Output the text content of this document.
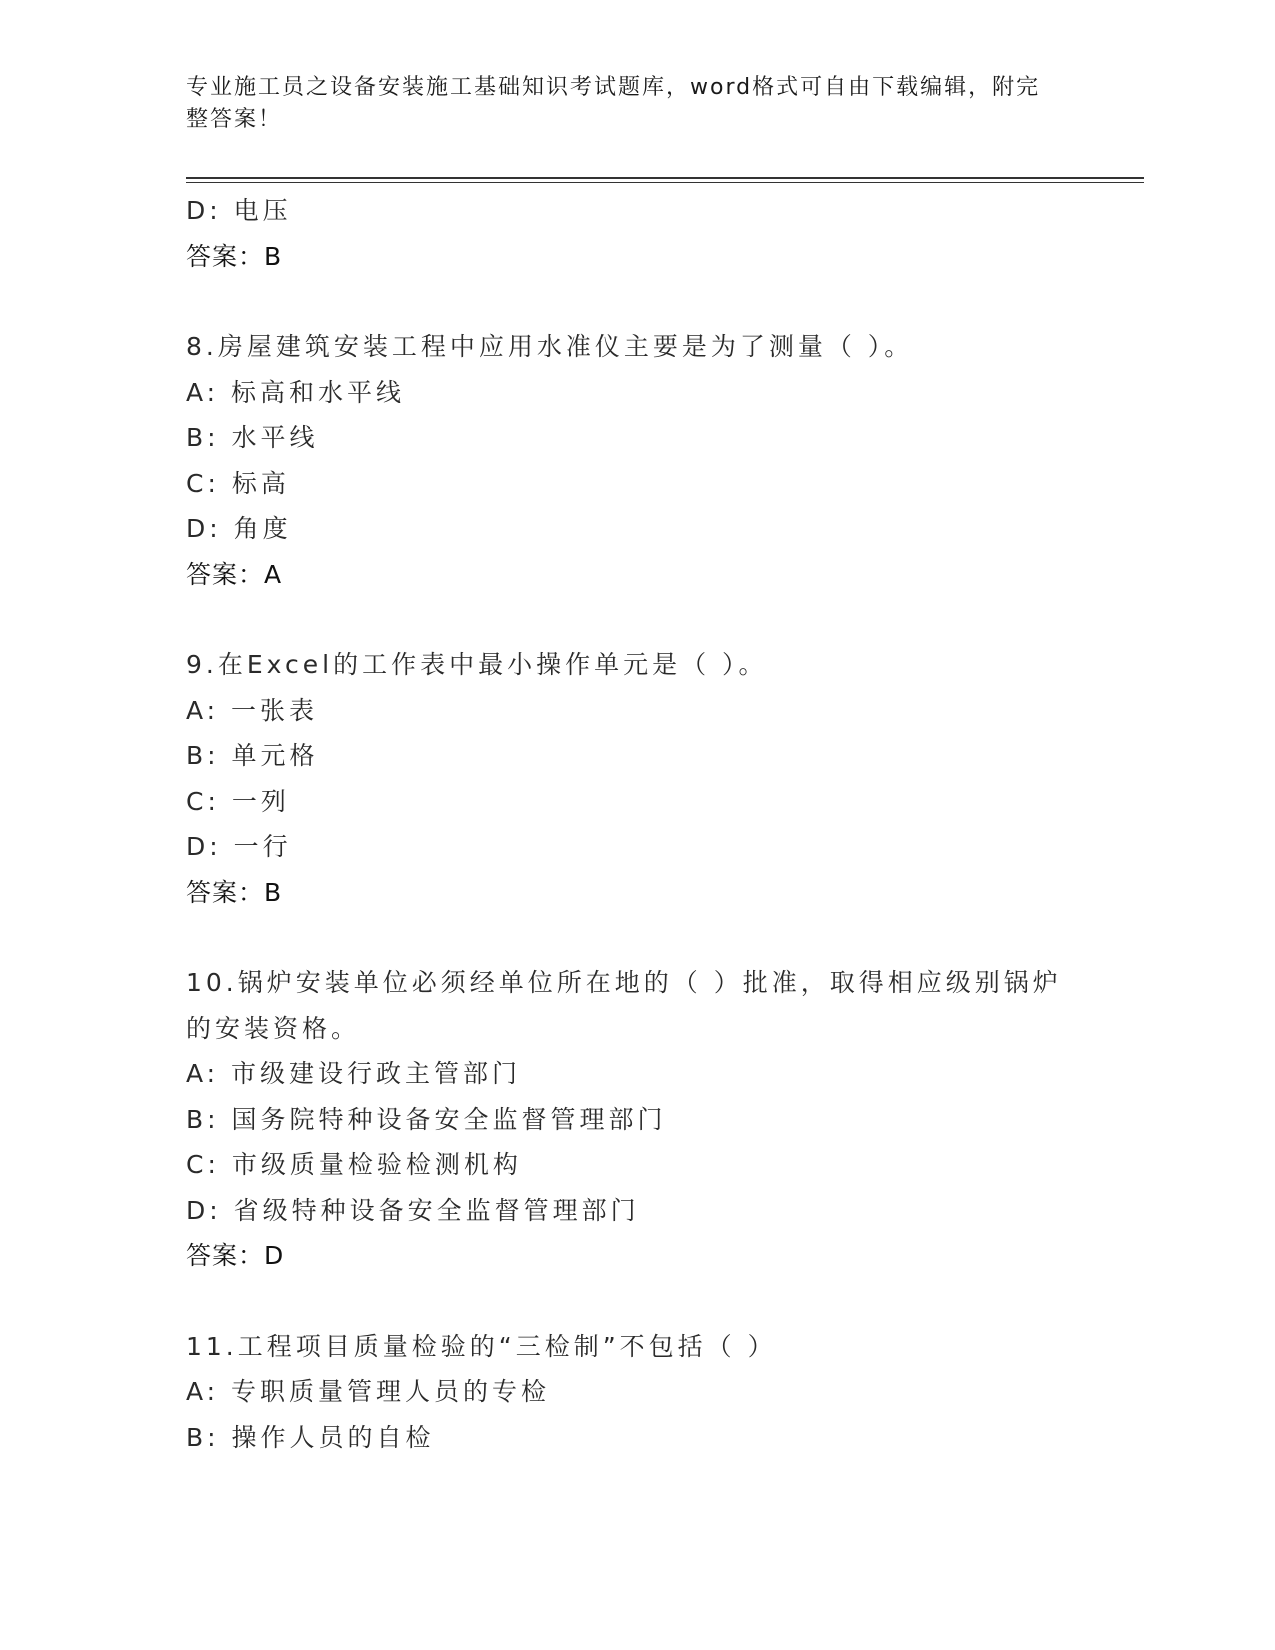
专业施工员之设备安装施工基础知识考试题库，word格式可自由下载编辑，附完
整答案！
D: 电压
答案：B
8.房屋建筑安装工程中应用水准仪主要是为了测量（ ）。
A: 标高和水平线
B: 水平线
C: 标高
D: 角度
答案：A
9.在Excel的工作表中最小操作单元是（ ）。
A: 一张表
B: 单元格
C: 一列
D: 一行
答案：B
10.锅炉安装单位必须经单位所在地的（ ）批准，取得相应级别锅炉
的安装资格。
A: 市级建设行政主管部门
B: 国务院特种设备安全监督管理部门
C: 市级质量检验检测机构
D: 省级特种设备安全监督管理部门
答案：D
11.工程项目质量检验的“三检制”不包括（ ）
A: 专职质量管理人员的专检
B: 操作人员的自检
